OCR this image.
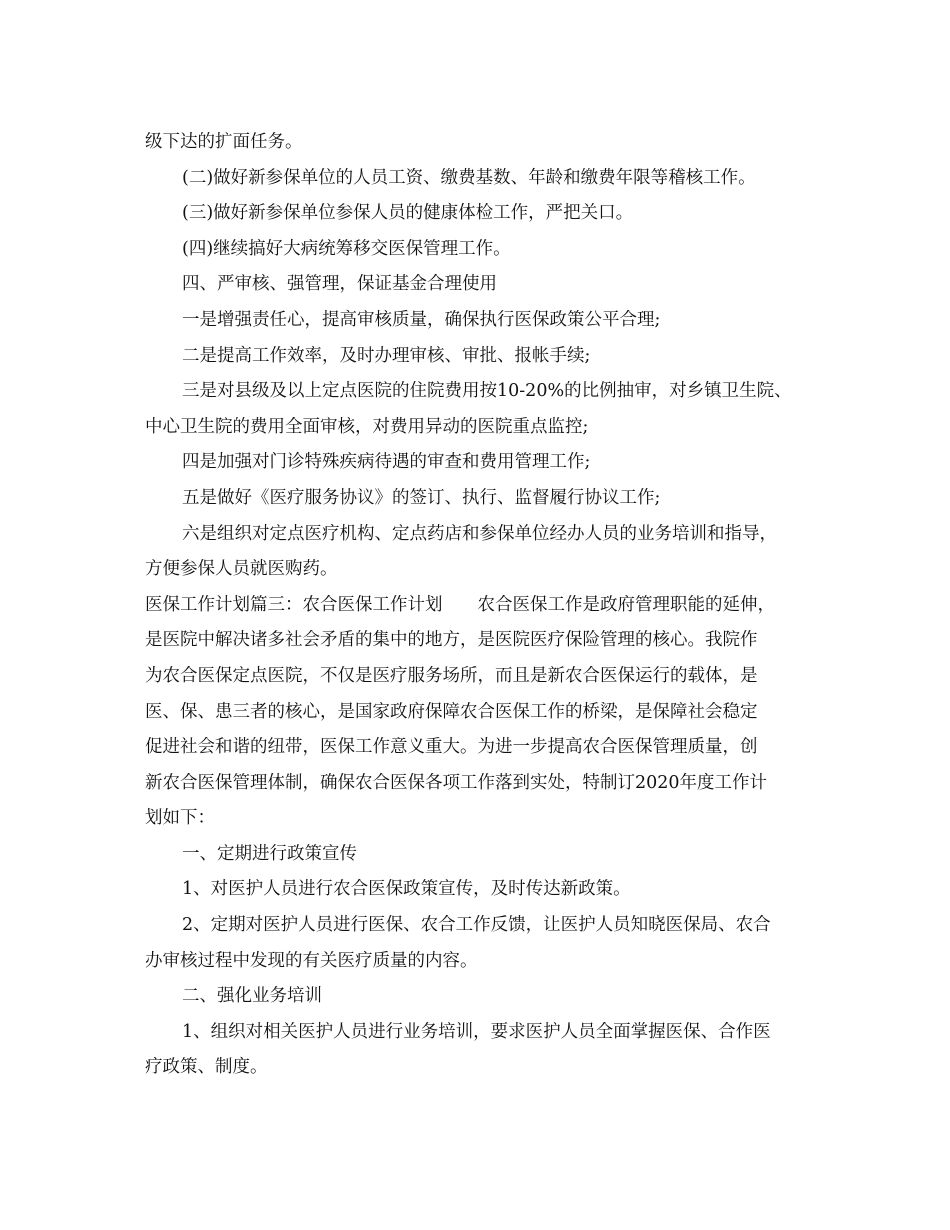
级下达的扩面任务。
(二)做好新参保单位的人员工资、缴费基数、年龄和缴费年限等稽核工作。
(三)做好新参保单位参保人员的健康体检工作，严把关口。
(四)继续搞好大病统筹移交医保管理工作。
四、严审核、强管理，保证基金合理使用
一是增强责任心，提高审核质量，确保执行医保政策公平合理;
二是提高工作效率，及时办理审核、审批、报帐手续;
三是对县级及以上定点医院的住院费用按10-20%的比例抽审，对乡镇卫生院、
中心卫生院的费用全面审核，对费用异动的医院重点监控;
四是加强对门诊特殊疾病待遇的审查和费用管理工作;
五是做好《医疗服务协议》的签订、执行、监督履行协议工作;
六是组织对定点医疗机构、定点药店和参保单位经办人员的业务培训和指导，
方便参保人员就医购药。
医保工作计划篇三：农合医保工作计划　　农合医保工作是政府管理职能的延伸，
是医院中解决诸多社会矛盾的集中的地方，是医院医疗保险管理的核心。我院作
为农合医保定点医院，不仅是医疗服务场所，而且是新农合医保运行的载体，是
医、保、患三者的核心，是国家政府保障农合医保工作的桥梁，是保障社会稳定
促进社会和谐的纽带，医保工作意义重大。为进一步提高农合医保管理质量，创
新农合医保管理体制，确保农合医保各项工作落到实处，特制订2020年度工作计
划如下：
一、定期进行政策宣传
1、对医护人员进行农合医保政策宣传，及时传达新政策。
2、定期对医护人员进行医保、农合工作反馈，让医护人员知晓医保局、农合
办审核过程中发现的有关医疗质量的内容。
二、强化业务培训
1、组织对相关医护人员进行业务培训，要求医护人员全面掌握医保、合作医
疗政策、制度。
